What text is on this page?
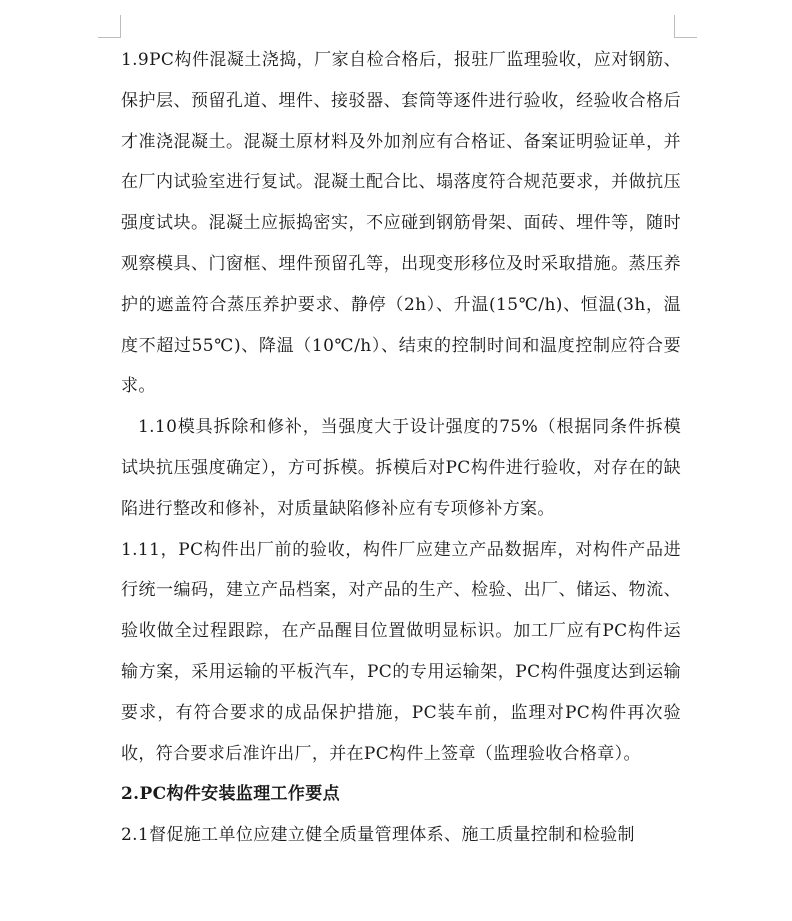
1.9PC构件混凝土浇捣，厂家自检合格后，报驻厂监理验收，应对钢筋、保护层、预留孔道、埋件、接驳器、套筒等逐件进行验收，经验收合格后才准浇混凝土。混凝土原材料及外加剂应有合格证、备案证明验证单，并在厂内试验室进行复试。混凝土配合比、塌落度符合规范要求，并做抗压强度试块。混凝土应振捣密实，不应碰到钢筋骨架、面砖、埋件等，随时观察模具、门窗框、埋件预留孔等，出现变形移位及时采取措施。蒸压养护的遮盖符合蒸压养护要求、静停（2h）、升温(15℃/h)、恒温(3h，温度不超过55℃)、降温（10℃/h）、结束的控制时间和温度控制应符合要求。

1.10模具拆除和修补，当强度大于设计强度的75%（根据同条件拆模试块抗压强度确定），方可拆模。拆模后对PC构件进行验收，对存在的缺陷进行整改和修补，对质量缺陷修补应有专项修补方案。

1.11，PC构件出厂前的验收，构件厂应建立产品数据库，对构件产品进行统一编码，建立产品档案，对产品的生产、检验、出厂、储运、物流、验收做全过程跟踪，在产品醒目位置做明显标识。加工厂应有PC构件运输方案，采用运输的平板汽车，PC的专用运输架，PC构件强度达到运输要求，有符合要求的成品保护措施，PC装车前，监理对PC构件再次验收，符合要求后准许出厂，并在PC构件上签章（监理验收合格章）。

2.PC构件安装监理工作要点

2.1督促施工单位应建立健全质量管理体系、施工质量控制和检验制
